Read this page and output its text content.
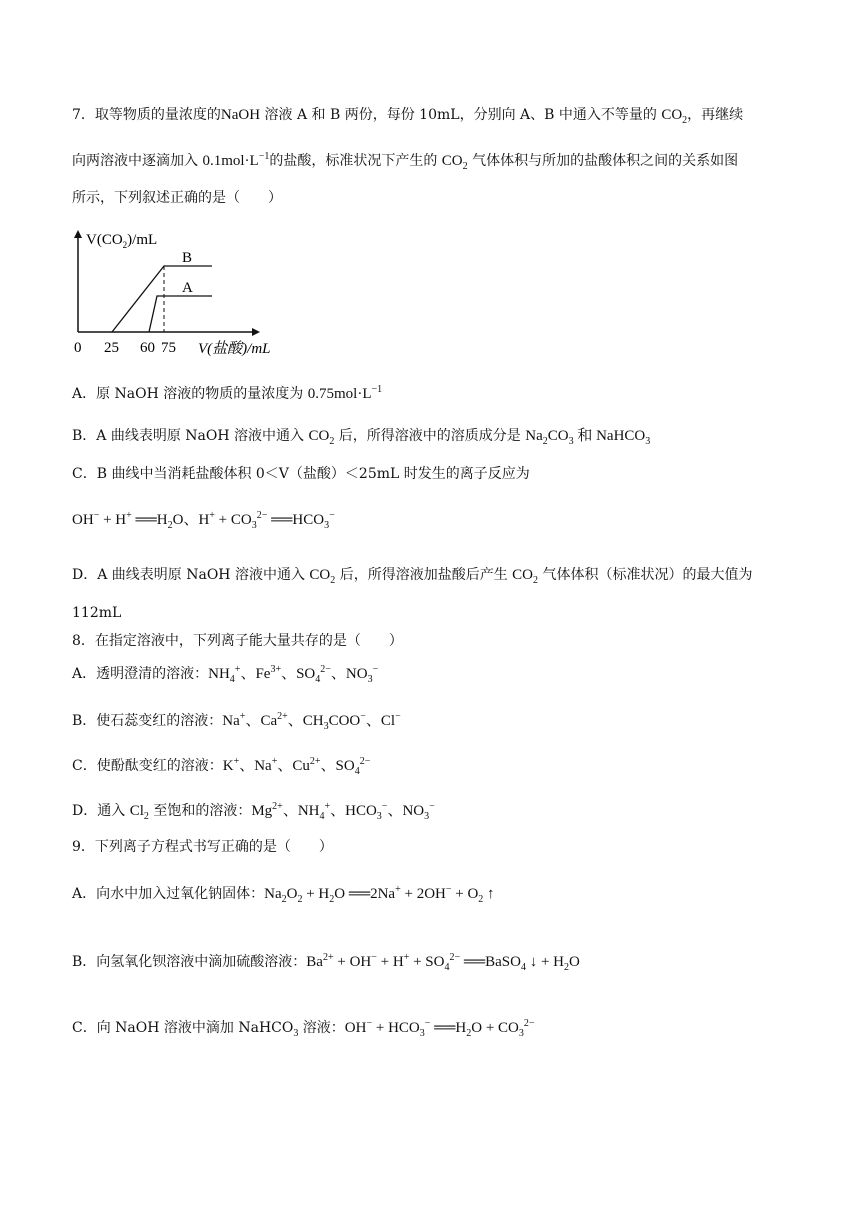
7．取等物质的量浓度的NaOH 溶液 A 和 B 两份，每份 10mL，分别向 A、B 中通入不等量的 $CO_2$，再继续
向两溶液中逐滴加入 $0.1mol\cdot L^{-1}$的盐酸，标准状况下产生的 $CO_2$ 气体体积与所加的盐酸体积之间的关系如图
所示，下列叙述正确的是（　　）
$V(CO_2)/mL$
B
A
0 25 60 75 V(盐酸)/mL
A．原 NaOH 溶液的物质的量浓度为 $0.75mol\cdot L^{-1}$
B．A 曲线表明原 NaOH 溶液中通入 $CO_2$ 后，所得溶液中的溶质成分是 $Na_2CO_3$ 和 NaHCO$_3$
C．B 曲线中当消耗盐酸体积 0＜V（盐酸）＜25mL 时发生的离子反应为
OH− + H+ $══H_2O$、$H^+ + CO_3^{2-}$ $══HCO_3^-$
D．A 曲线表明原 NaOH 溶液中通入 $CO_2$ 后，所得溶液加盐酸后产生 $CO_2$ 气体体积（标准状况）的最大值为
112mL
8．在指定溶液中，下列离子能大量共存的是（　　）
A．透明澄清的溶液：$NH_4^+$、$Fe^{3+}$、$SO_4^{2-}$、$NO_3^-$
B．使石蕊变红的溶液：Na+、$Ca^{2+}$、$CH_3COO^-$、Cl−
C．使酚酞变红的溶液：K+、Na+、$Cu^{2+}$、$SO_4^{2-}$
D．通入 $Cl_2$ 至饱和的溶液：$Mg^{2+}$、$NH_4^+$、$HCO_3^-$、$NO_3^-$
9．下列离子方程式书写正确的是（　　）
A．向水中加入过氧化钠固体：$Na_2O_2 + H_2O$ ══2Na+ + $2OH^- + O_2$ ↑
B．向氢氧化钡溶液中滴加硫酸溶液：$Ba^{2+} + OH^- + H^+ + SO_4^{2-}$ ══BaSO$_4$ ↓ + $H_2O$
C．向 NaOH 溶液中滴加 NaHCO$_3$ 溶液：$OH^- + HCO_3^-$ $══H_2O + CO_3^{2-}$
